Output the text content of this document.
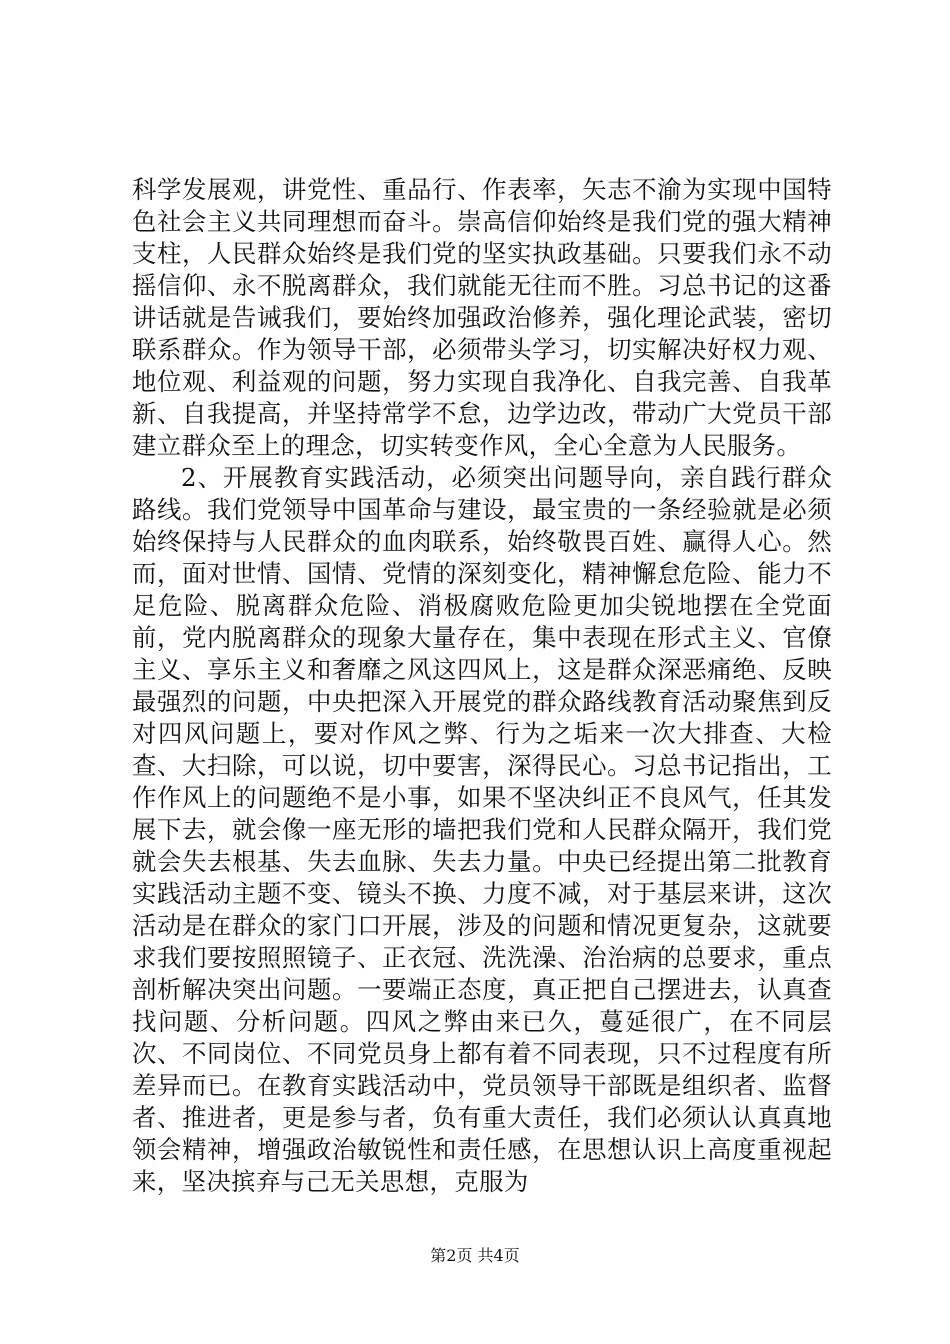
科学发展观，讲党性、重品行、作表率，矢志不渝为实现中国特色社会主义共同理想而奋斗。崇高信仰始终是我们党的强大精神支柱，人民群众始终是我们党的坚实执政基础。只要我们永不动摇信仰、永不脱离群众，我们就能无往而不胜。习总书记的这番讲话就是告诫我们，要始终加强政治修养，强化理论武装，密切联系群众。作为领导干部，必须带头学习，切实解决好权力观、地位观、利益观的问题，努力实现自我净化、自我完善、自我革新、自我提高，并坚持常学不怠，边学边改，带动广大党员干部建立群众至上的理念，切实转变作风，全心全意为人民服务。

2、开展教育实践活动，必须突出问题导向，亲自践行群众路线。我们党领导中国革命与建设，最宝贵的一条经验就是必须始终保持与人民群众的血肉联系，始终敬畏百姓、赢得人心。然而，面对世情、国情、党情的深刻变化，精神懈怠危险、能力不足危险、脱离群众危险、消极腐败危险更加尖锐地摆在全党面前，党内脱离群众的现象大量存在，集中表现在形式主义、官僚主义、享乐主义和奢靡之风这四风上，这是群众深恶痛绝、反映最强烈的问题，中央把深入开展党的群众路线教育活动聚焦到反对四风问题上，要对作风之弊、行为之垢来一次大排查、大检查、大扫除，可以说，切中要害，深得民心。习总书记指出，工作作风上的问题绝不是小事，如果不坚决纠正不良风气，任其发展下去，就会像一座无形的墙把我们党和人民群众隔开，我们党就会失去根基、失去血脉、失去力量。中央已经提出第二批教育实践活动主题不变、镜头不换、力度不减，对于基层来讲，这次活动是在群众的家门口开展，涉及的问题和情况更复杂，这就要求我们要按照照镜子、正衣冠、洗洗澡、治治病的总要求，重点剖析解决突出问题。一要端正态度，真正把自己摆进去，认真查找问题、分析问题。四风之弊由来已久，蔓延很广，在不同层次、不同岗位、不同党员身上都有着不同表现，只不过程度有所差异而已。在教育实践活动中，党员领导干部既是组织者、监督者、推进者，更是参与者，负有重大责任，我们必须认认真真地领会精神，增强政治敏锐性和责任感，在思想认识上高度重视起来，坚决摈弃与己无关思想，克服为

第2页 共4页
